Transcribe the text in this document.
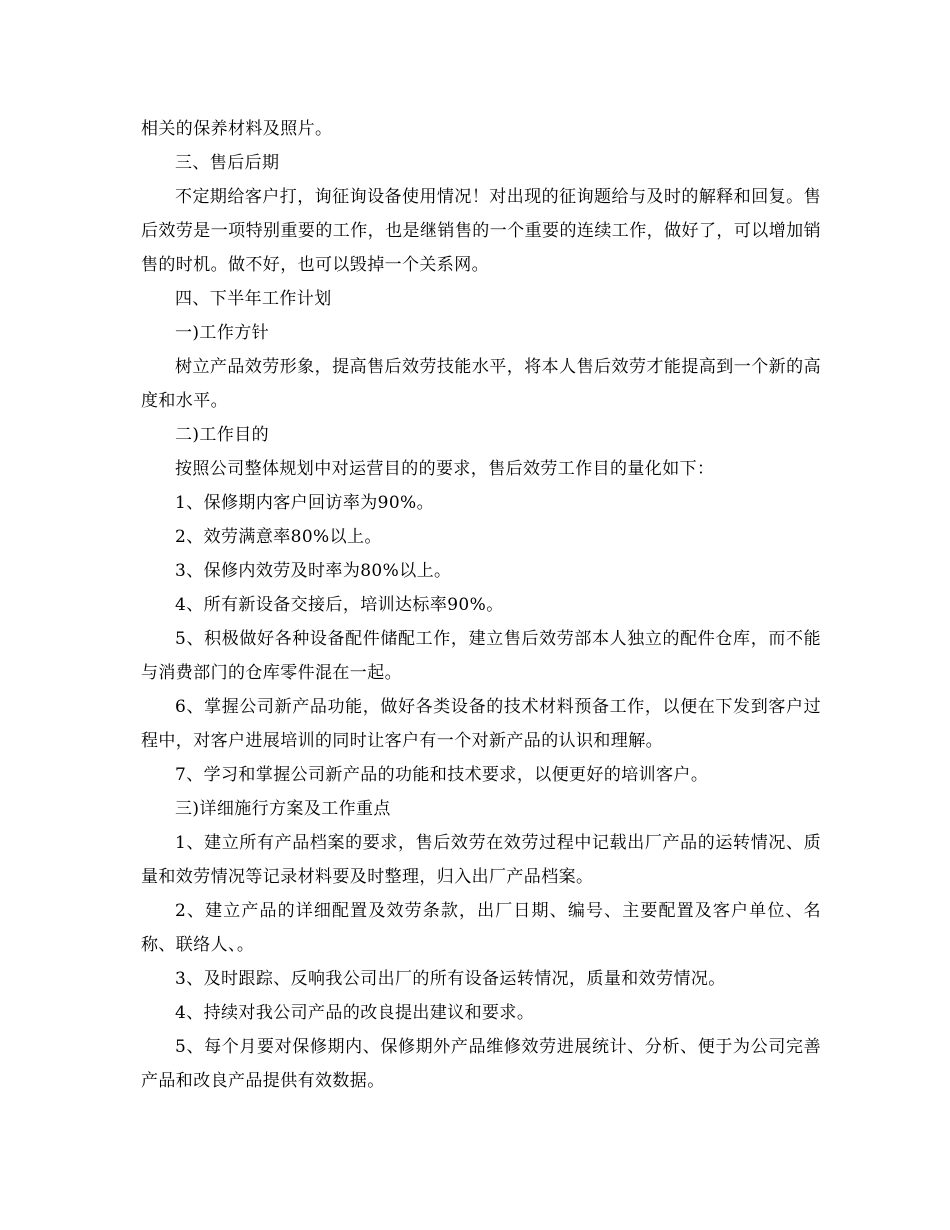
相关的保养材料及照片。

三、售后后期

不定期给客户打，询征询设备使用情况！对出现的征询题给与及时的解释和回复。售后效劳是一项特别重要的工作，也是继销售的一个重要的连续工作，做好了，可以增加销售的时机。做不好，也可以毁掉一个关系网。

四、下半年工作计划

一)工作方针

树立产品效劳形象，提高售后效劳技能水平，将本人售后效劳才能提高到一个新的高度和水平。

二)工作目的

按照公司整体规划中对运营目的的要求，售后效劳工作目的量化如下：

1、保修期内客户回访率为90%。

2、效劳满意率80%以上。

3、保修内效劳及时率为80%以上。

4、所有新设备交接后，培训达标率90%。

5、积极做好各种设备配件储配工作，建立售后效劳部本人独立的配件仓库，而不能与消费部门的仓库零件混在一起。

6、掌握公司新产品功能，做好各类设备的技术材料预备工作，以便在下发到客户过程中，对客户进展培训的同时让客户有一个对新产品的认识和理解。

7、学习和掌握公司新产品的功能和技术要求，以便更好的培训客户。

三)详细施行方案及工作重点

1、建立所有产品档案的要求，售后效劳在效劳过程中记载出厂产品的运转情况、质量和效劳情况等记录材料要及时整理，归入出厂产品档案。

2、建立产品的详细配置及效劳条款，出厂日期、编号、主要配置及客户单位、名称、联络人、。

3、及时跟踪、反响我公司出厂的所有设备运转情况，质量和效劳情况。

4、持续对我公司产品的改良提出建议和要求。

5、每个月要对保修期内、保修期外产品维修效劳进展统计、分析、便于为公司完善产品和改良产品提供有效数据。
